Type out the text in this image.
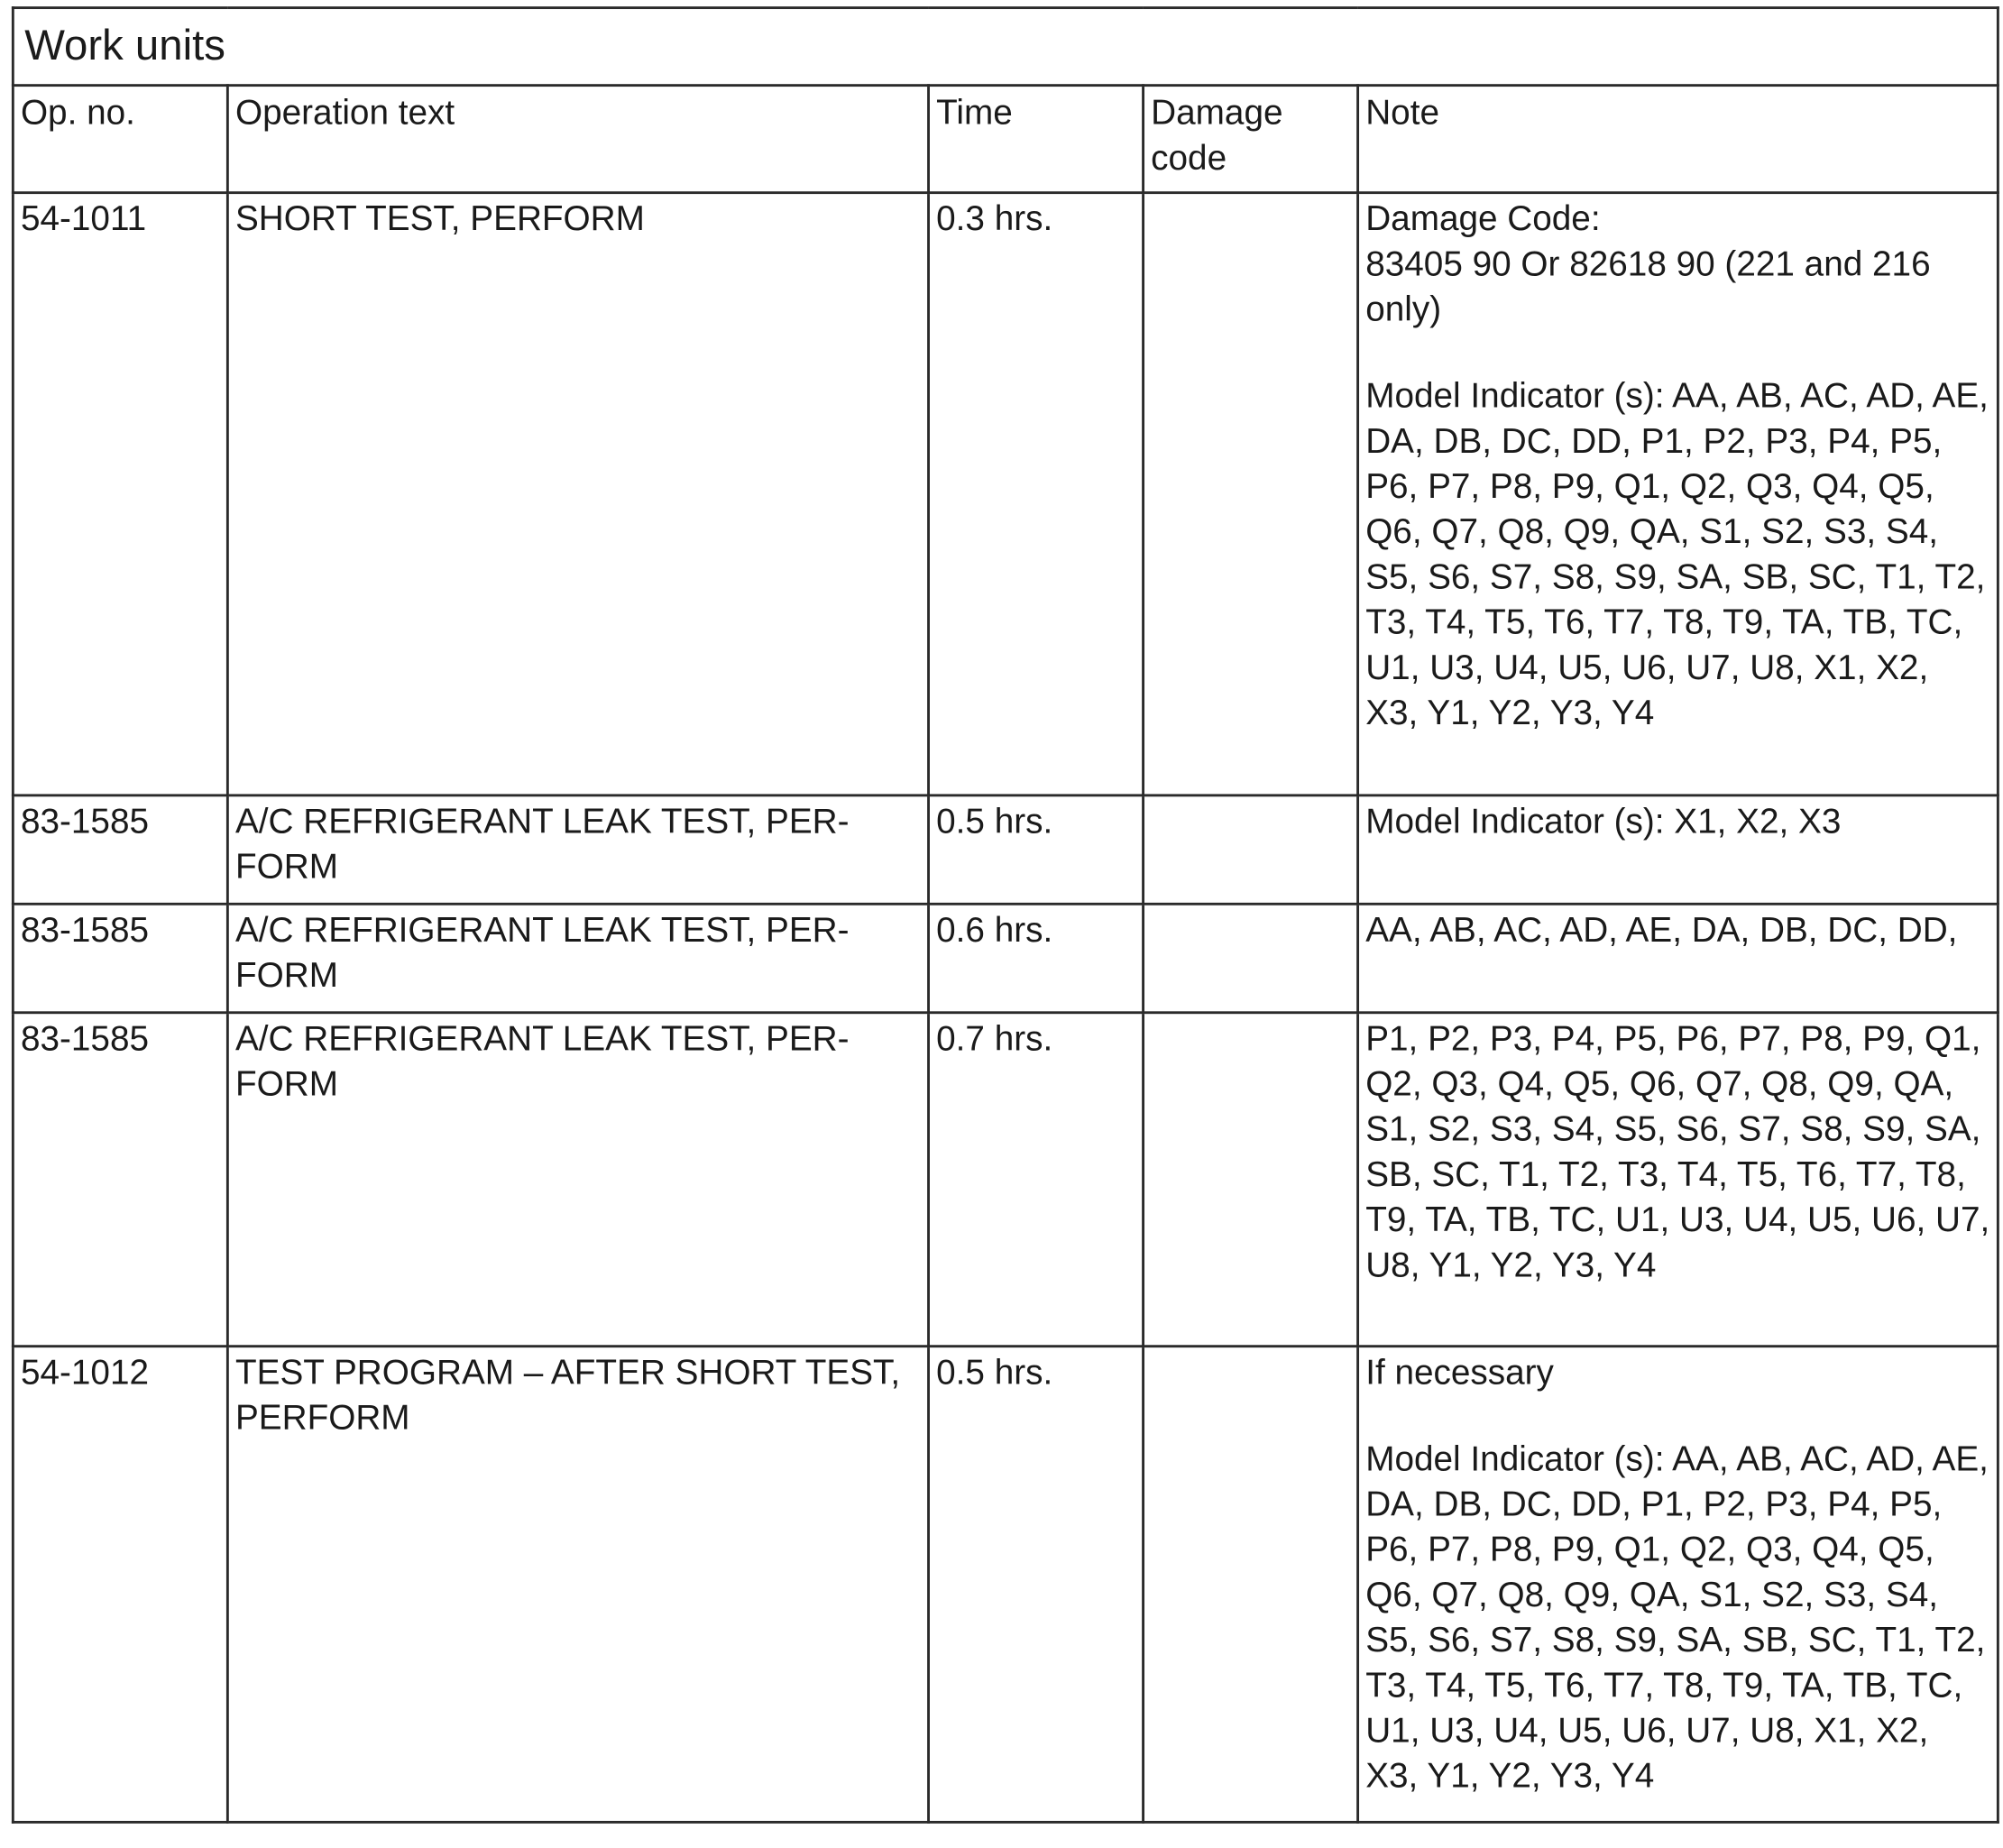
Work units				
Op. no.	Operation text	Time	Damage code	Note
54-1011	SHORT TEST, PERFORM	0.3 hrs.		Damage Code:
83405 90 Or 82618 90 (221 and 216 only)
Model Indicator (s): AA, AB, AC, AD, AE, DA, DB, DC, DD, P1, P2, P3, P4, P5, P6, P7, P8, P9, Q1, Q2, Q3, Q4, Q5, Q6, Q7, Q8, Q9, QA, S1, S2, S3, S4, S5, S6, S7, S8, S9, SA, SB, SC, T1, T2, T3, T4, T5, T6, T7, T8, T9, TA, TB, TC, U1, U3, U4, U5, U6, U7, U8, X1, X2, X3, Y1, Y2, Y3, Y4

83-1585	A/C REFRIGERANT LEAK TEST, PER-FORM	0.5 hrs.		Model Indicator (s): X1, X2, X3
83-1585	A/C REFRIGERANT LEAK TEST, PER-FORM	0.6 hrs.		AA, AB, AC, AD, AE, DA, DB, DC, DD,
83-1585	A/C REFRIGERANT LEAK TEST, PER-FORM	0.7 hrs.		P1, P2, P3, P4, P5, P6, P7, P8, P9, Q1, Q2, Q3, Q4, Q5, Q6, Q7, Q8, Q9, QA, S1, S2, S3, S4, S5, S6, S7, S8, S9, SA, SB, SC, T1, T2, T3, T4, T5, T6, T7, T8, T9, TA, TB, TC, U1, U3, U4, U5, U6, U7, U8, Y1, Y2, Y3, Y4
54-1012	TEST PROGRAM – AFTER SHORT TEST, PERFORM	0.5 hrs.		If necessary
Model Indicator (s): AA, AB, AC, AD, AE, DA, DB, DC, DD, P1, P2, P3, P4, P5, P6, P7, P8, P9, Q1, Q2, Q3, Q4, Q5, Q6, Q7, Q8, Q9, QA, S1, S2, S3, S4, S5, S6, S7, S8, S9, SA, SB, SC, T1, T2, T3, T4, T5, T6, T7, T8, T9, TA, TB, TC, U1, U3, U4, U5, U6, U7, U8, X1, X2, X3, Y1, Y2, Y3, Y4
